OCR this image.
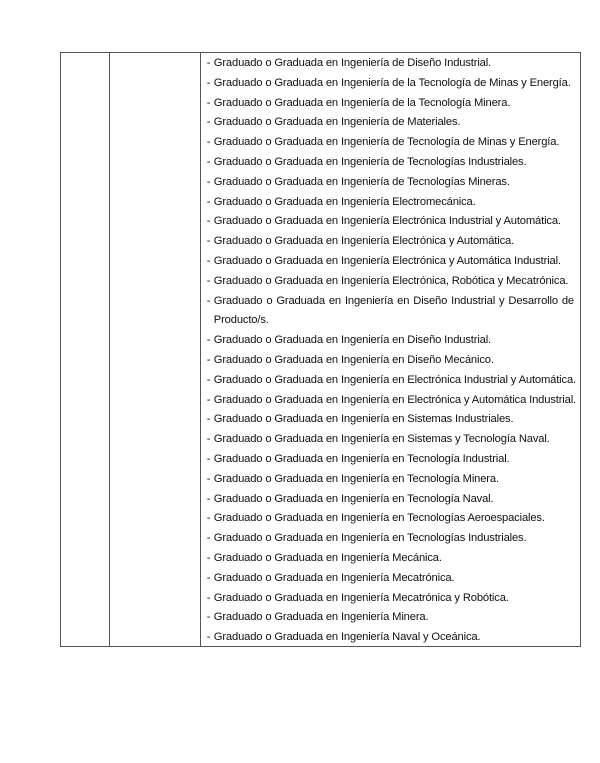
- Graduado o Graduada en Ingeniería de Diseño Industrial.
- Graduado o Graduada en Ingeniería de la Tecnología de Minas y Energía.
- Graduado o Graduada en Ingeniería de la Tecnología Minera.
- Graduado o Graduada en Ingeniería de Materiales.
- Graduado o Graduada en Ingeniería de Tecnología de Minas y Energía.
- Graduado o Graduada en Ingeniería de Tecnologías Industriales.
- Graduado o Graduada en Ingeniería de Tecnologías Mineras.
- Graduado o Graduada en Ingeniería Electromecánica.
- Graduado o Graduada en Ingeniería Electrónica Industrial y Automática.
- Graduado o Graduada en Ingeniería Electrónica y Automática.
- Graduado o Graduada en Ingeniería Electrónica y Automática Industrial.
- Graduado o Graduada en Ingeniería Electrónica, Robótica y Mecatrónica.
- Graduado o Graduada en Ingeniería en Diseño Industrial y Desarrollo de Producto/s.
- Graduado o Graduada en Ingeniería en Diseño Industrial.
- Graduado o Graduada en Ingeniería en Diseño Mecánico.
- Graduado o Graduada en Ingeniería en Electrónica Industrial y Automática.
- Graduado o Graduada en Ingeniería en Electrónica y Automática Industrial.
- Graduado o Graduada en Ingeniería en Sistemas Industriales.
- Graduado o Graduada en Ingeniería en Sistemas y Tecnología Naval.
- Graduado o Graduada en Ingeniería en Tecnología Industrial.
- Graduado o Graduada en Ingeniería en Tecnología Minera.
- Graduado o Graduada en Ingeniería en Tecnología Naval.
- Graduado o Graduada en Ingeniería en Tecnologías Aeroespaciales.
- Graduado o Graduada en Ingeniería en Tecnologías Industriales.
- Graduado o Graduada en Ingeniería Mecánica.
- Graduado o Graduada en Ingeniería Mecatrónica.
- Graduado o Graduada en Ingeniería Mecatrónica y Robótica.
- Graduado o Graduada en Ingeniería Minera.
- Graduado o Graduada en Ingeniería Naval y Oceánica.
